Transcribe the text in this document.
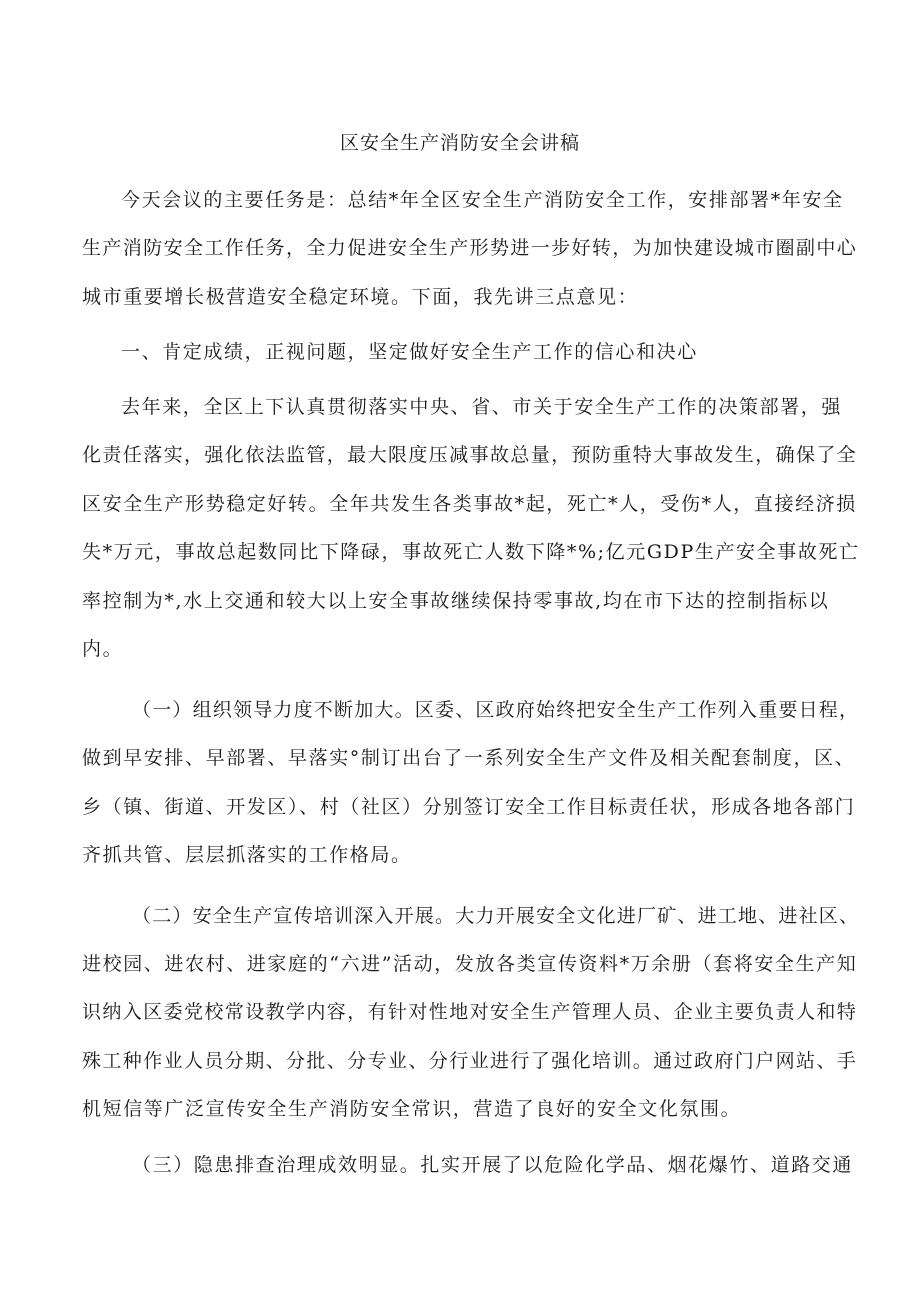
区安全生产消防安全会讲稿
今天会议的主要任务是：总结*年全区安全生产消防安全工作，安排部署*年安全
生产消防安全工作任务，全力促进安全生产形势进一步好转，为加快建设城市圈副中心
城市重要增长极营造安全稳定环境。下面，我先讲三点意见：
一、肯定成绩，正视问题，坚定做好安全生产工作的信心和决心
去年来，全区上下认真贯彻落实中央、省、市关于安全生产工作的决策部署，强
化责任落实，强化依法监管，最大限度压减事故总量，预防重特大事故发生，确保了全
区安全生产形势稳定好转。全年共发生各类事故*起，死亡*人，受伤*人，直接经济损
失*万元，事故总起数同比下降碌，事故死亡人数下降*%;亿元GDP生产安全事故死亡
率控制为*,水上交通和较大以上安全事故继续保持零事故,均在市下达的控制指标以
内。
（一）组织领导力度不断加大。区委、区政府始终把安全生产工作列入重要日程，
做到早安排、早部署、早落实°制订出台了一系列安全生产文件及相关配套制度，区、
乡（镇、街道、开发区）、村（社区）分别签订安全工作目标责任状，形成各地各部门
齐抓共管、层层抓落实的工作格局。
（二）安全生产宣传培训深入开展。大力开展安全文化进厂矿、进工地、进社区、
进校园、进农村、进家庭的“六进”活动，发放各类宣传资料*万余册（套将安全生产知
识纳入区委党校常设教学内容，有针对性地对安全生产管理人员、企业主要负责人和特
殊工种作业人员分期、分批、分专业、分行业进行了强化培训。通过政府门户网站、手
机短信等广泛宣传安全生产消防安全常识，营造了良好的安全文化氛围。
（三）隐患排查治理成效明显。扎实开展了以危险化学品、烟花爆竹、道路交通
